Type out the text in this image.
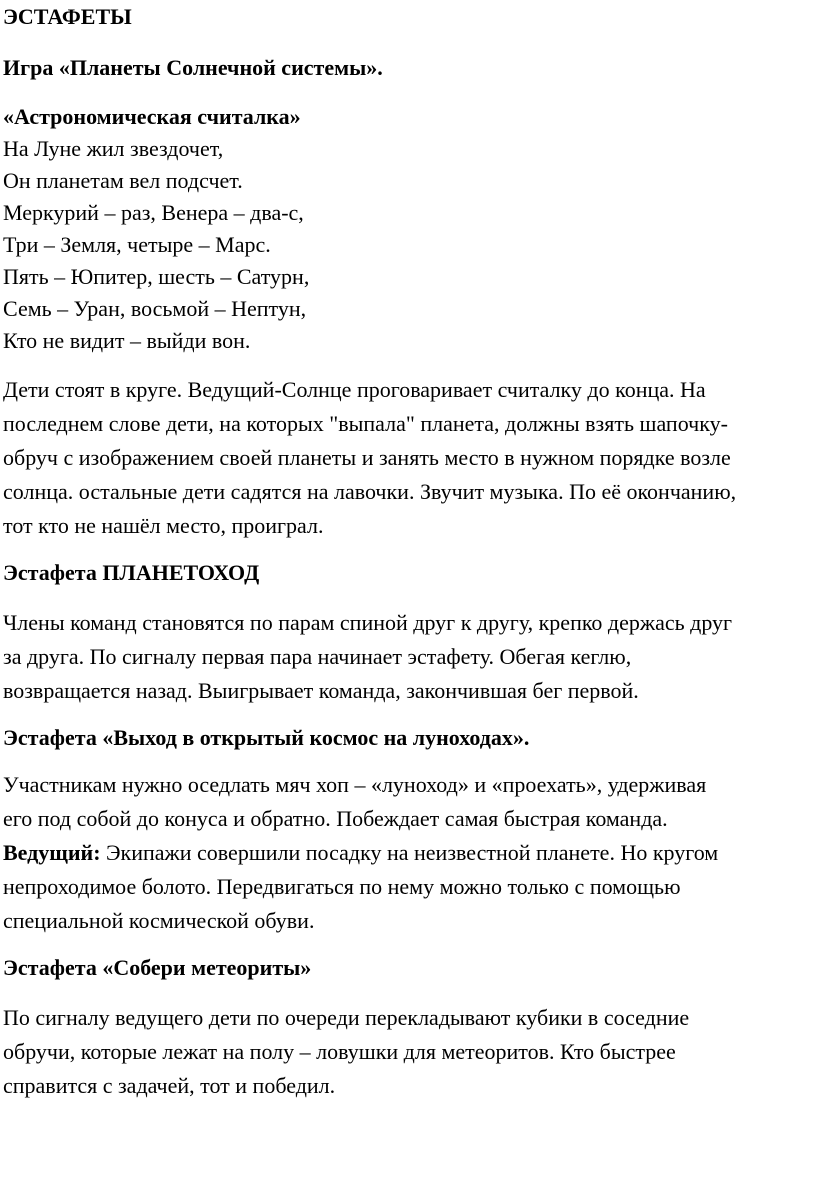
ЭСТАФЕТЫ
Игра «Планеты Солнечной системы».
«Астрономическая считалка»
На Луне жил звездочет,
Он планетам вел подсчет.
Меркурий – раз, Венера – два-с,
Три – Земля, четыре – Марс.
Пять – Юпитер, шесть – Сатурн,
Семь – Уран, восьмой – Нептун,
Кто не видит – выйди вон.
Дети стоят в круге. Ведущий-Солнце проговаривает считалку до конца. На
последнем слове дети, на которых "выпала" планета, должны взять шапочку-
обруч с изображением своей планеты и занять место в нужном порядке возле
солнца. остальные дети садятся на лавочки. Звучит музыка. По её окончанию,
тот кто не нашёл место, проиграл.
Эстафета ПЛАНЕТОХОД
Члены команд становятся по парам спиной друг к другу, крепко держась друг
за друга. По сигналу первая пара начинает эстафету. Обегая кеглю,
возвращается назад. Выигрывает команда, закончившая бег первой.
Эстафета «Выход в открытый космос на луноходах».
Участникам нужно оседлать мяч хоп – «луноход» и «проехать», удерживая
его под собой до конуса и обратно. Побеждает самая быстрая команда.
Ведущий: Экипажи совершили посадку на неизвестной планете. Но кругом
непроходимое болото. Передвигаться по нему можно только с помощью
специальной космической обуви.
Эстафета «Собери метеориты»
По сигналу ведущего дети по очереди перекладывают кубики в соседние
обручи, которые лежат на полу – ловушки для метеоритов. Кто быстрее
справится с задачей, тот и победил.
